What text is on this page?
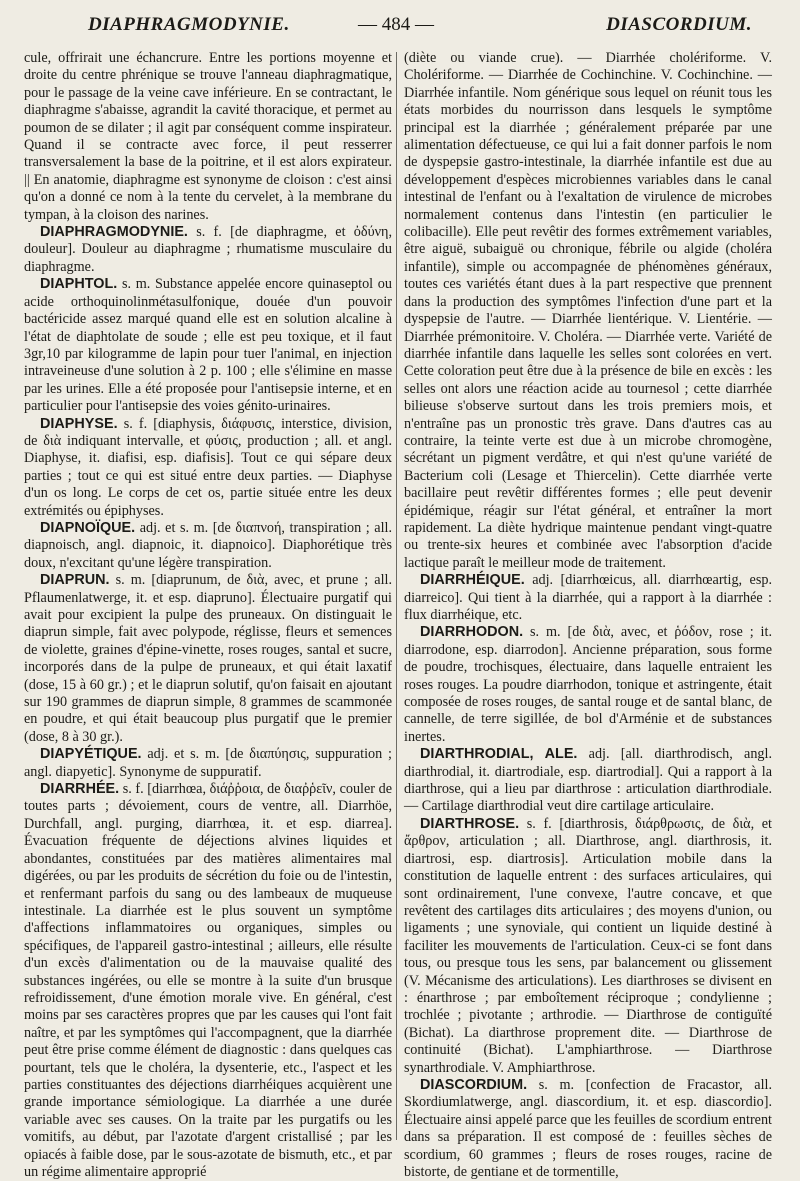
DIAPHRAGMODYNIE.	— 484 —	DIASCORDIUM.

cule, offrirait une échancrure. Entre les portions moyenne et droite du centre phrénique se trouve l'anneau diaphragmatique, pour le passage de la veine cave inférieure. En se contractant, le diaphragme s'abaisse, agrandit la cavité thoracique, et permet au poumon de se dilater ; il agit par conséquent comme inspirateur. Quand il se contracte avec force, il peut resserrer transversalement la base de la poitrine, et il est alors expirateur. || En anatomie, diaphragme est synonyme de cloison : c'est ainsi qu'on a donné ce nom à la tente du cervelet, à la membrane du tympan, à la cloison des narines.

DIAPHRAGMODYNIE. s. f. [de diaphragme, et ὀδύνη, douleur]. Douleur au diaphragme ; rhumatisme musculaire du diaphragme.

DIAPHTOL. s. m. Substance appelée encore quinaseptol ou acide orthoquinolinmétasulfonique, douée d'un pouvoir bactéricide assez marqué quand elle est en solution alcaline à l'état de diaphtolate de soude ; elle est peu toxique, et il faut 3gr,10 par kilogramme de lapin pour tuer l'animal, en injection intraveineuse d'une solution à 2 p. 100 ; elle s'élimine en masse par les urines. Elle a été proposée pour l'antisepsie interne, et en particulier pour l'antisepsie des voies génito-urinaires.

DIAPHYSE. s. f. [diaphysis, διάφυσις, interstice, division, de διὰ indiquant intervalle, et φύσις, production ; all. et angl. Diaphyse, it. diafisi, esp. diafisis]. Tout ce qui sépare deux parties ; tout ce qui est situé entre deux parties. — Diaphyse d'un os long. Le corps de cet os, partie située entre les deux extrémités ou épiphyses.

DIAPNOÏQUE. adj. et s. m. [de διαπνοή, transpiration ; all. diapnoisch, angl. diapnoic, it. diapnoico]. Diaphorétique très doux, n'excitant qu'une légère transpiration.

DIAPRUN. s. m. [diaprunum, de διὰ, avec, et prune ; all. Pflaumenlatwerge, it. et esp. diapruno]. Électuaire purgatif qui avait pour excipient la pulpe des pruneaux. On distinguait le diaprun simple, fait avec polypode, réglisse, fleurs et semences de violette, graines d'épine-vinette, roses rouges, santal et sucre, incorporés dans de la pulpe de pruneaux, et qui était laxatif (dose, 15 à 60 gr.) ; et le diaprun solutif, qu'on faisait en ajoutant sur 190 grammes de diaprun simple, 8 grammes de scammonée en poudre, et qui était beaucoup plus purgatif que le premier (dose, 8 à 30 gr.).

DIAPYÉTIQUE. adj. et s. m. [de διαπύησις, suppuration ; angl. diapyetic]. Synonyme de suppuratif.

DIARRHÉE. s. f. [diarrhœa, διάῤῥοια, de διαῤῥεῖν, couler de toutes parts ; dévoiement, cours de ventre, all. Diarrhöe, Durchfall, angl. purging, diarrhœa, it. et esp. diarrea]. Évacuation fréquente de déjections alvines liquides et abondantes, constituées par des matières alimentaires mal digérées, ou par les produits de sécrétion du foie ou de l'intestin, et renfermant parfois du sang ou des lambeaux de muqueuse intestinale. La diarrhée est le plus souvent un symptôme d'affections inflammatoires ou organiques, simples ou spécifiques, de l'appareil gastro-intestinal ; ailleurs, elle résulte d'un excès d'alimentation ou de la mauvaise qualité des substances ingérées, ou elle se montre à la suite d'un brusque refroidissement, d'une émotion morale vive. En général, c'est moins par ses caractères propres que par les causes qui l'ont fait naître, et par les symptômes qui l'accompagnent, que la diarrhée peut être prise comme élément de diagnostic : dans quelques cas pourtant, tels que le choléra, la dysenterie, etc., l'aspect et les parties constituantes des déjections diarrhéiques acquièrent une grande importance sémiologique. La diarrhée a une durée variable avec ses causes. On la traite par les purgatifs ou les vomitifs, au début, par l'azotate d'argent cristallisé ; par les opiacés à faible dose, par le sous-azotate de bismuth, etc., et par un régime alimentaire approprié

(diète ou viande crue). — Diarrhée cholériforme. V. Cholériforme. — Diarrhée de Cochinchine. V. Cochinchine. — Diarrhée infantile. Nom générique sous lequel on réunit tous les états morbides du nourrisson dans lesquels le symptôme principal est la diarrhée ; généralement préparée par une alimentation défectueuse, ce qui lui a fait donner parfois le nom de dyspepsie gastro-intestinale, la diarrhée infantile est due au développement d'espèces microbiennes variables dans le canal intestinal de l'enfant ou à l'exaltation de virulence de microbes normalement contenus dans l'intestin (en particulier le colibacille). Elle peut revêtir des formes extrêmement variables, être aiguë, subaiguë ou chronique, fébrile ou algide (choléra infantile), simple ou accompagnée de phénomènes généraux, toutes ces variétés étant dues à la part respective que prennent dans la production des symptômes l'infection d'une part et la dyspepsie de l'autre. — Diarrhée lientérique. V. Lientérie. — Diarrhée prémonitoire. V. Choléra. — Diarrhée verte. Variété de diarrhée infantile dans laquelle les selles sont colorées en vert. Cette coloration peut être due à la présence de bile en excès : les selles ont alors une réaction acide au tournesol ; cette diarrhée bilieuse s'observe surtout dans les trois premiers mois, et n'entraîne pas un pronostic très grave. Dans d'autres cas au contraire, la teinte verte est due à un microbe chromogène, sécrétant un pigment verdâtre, et qui n'est qu'une variété de Bacterium coli (Lesage et Thiercelin). Cette diarrhée verte bacillaire peut revêtir différentes formes ; elle peut devenir épidémique, réagir sur l'état général, et entraîner la mort rapidement. La diète hydrique maintenue pendant vingt-quatre ou trente-six heures et combinée avec l'absorption d'acide lactique paraît le meilleur mode de traitement.

DIARRHÉIQUE. adj. [diarrhœicus, all. diarrhœartig, esp. diarreico]. Qui tient à la diarrhée, qui a rapport à la diarrhée : flux diarrhéique, etc.

DIARRHODON. s. m. [de διὰ, avec, et ῥόδον, rose ; it. diarrodone, esp. diarrodon]. Ancienne préparation, sous forme de poudre, trochisques, électuaire, dans laquelle entraient les roses rouges. La poudre diarrhodon, tonique et astringente, était composée de roses rouges, de santal rouge et de santal blanc, de cannelle, de terre sigillée, de bol d'Arménie et de substances inertes.

DIARTHRODIAL, ALE. adj. [all. diarthrodisch, angl. diarthrodial, it. diartrodiale, esp. diartrodial]. Qui a rapport à la diarthrose, qui a lieu par diarthrose : articulation diarthrodiale. — Cartilage diarthrodial veut dire cartilage articulaire.

DIARTHROSE. s. f. [diarthrosis, διάρθρωσις, de διὰ, et ἄρθρον, articulation ; all. Diarthrose, angl. diarthrosis, it. diartrosi, esp. diartrosis]. Articulation mobile dans la constitution de laquelle entrent : des surfaces articulaires, qui sont ordinairement, l'une convexe, l'autre concave, et que revêtent des cartilages dits articulaires ; des moyens d'union, ou ligaments ; une synoviale, qui contient un liquide destiné à faciliter les mouvements de l'articulation. Ceux-ci se font dans tous, ou presque tous les sens, par balancement ou glissement (V. Mécanisme des articulations). Les diarthroses se divisent en : énarthrose ; par emboîtement réciproque ; condylienne ; trochlée ; pivotante ; arthrodie. — Diarthrose de contiguïté (Bichat). La diarthrose proprement dite. — Diarthrose de continuité (Bichat). L'amphiarthrose. — Diarthrose synarthrodiale. V. Amphiarthrose.

DIASCORDIUM. s. m. [confection de Fracastor, all. Skordiumlatwerge, angl. diascordium, it. et esp. diascordio]. Électuaire ainsi appelé parce que les feuilles de scordium entrent dans sa préparation. Il est composé de : feuilles sèches de scordium, 60 grammes ; fleurs de roses rouges, racine de bistorte, de gentiane et de tormentille,
